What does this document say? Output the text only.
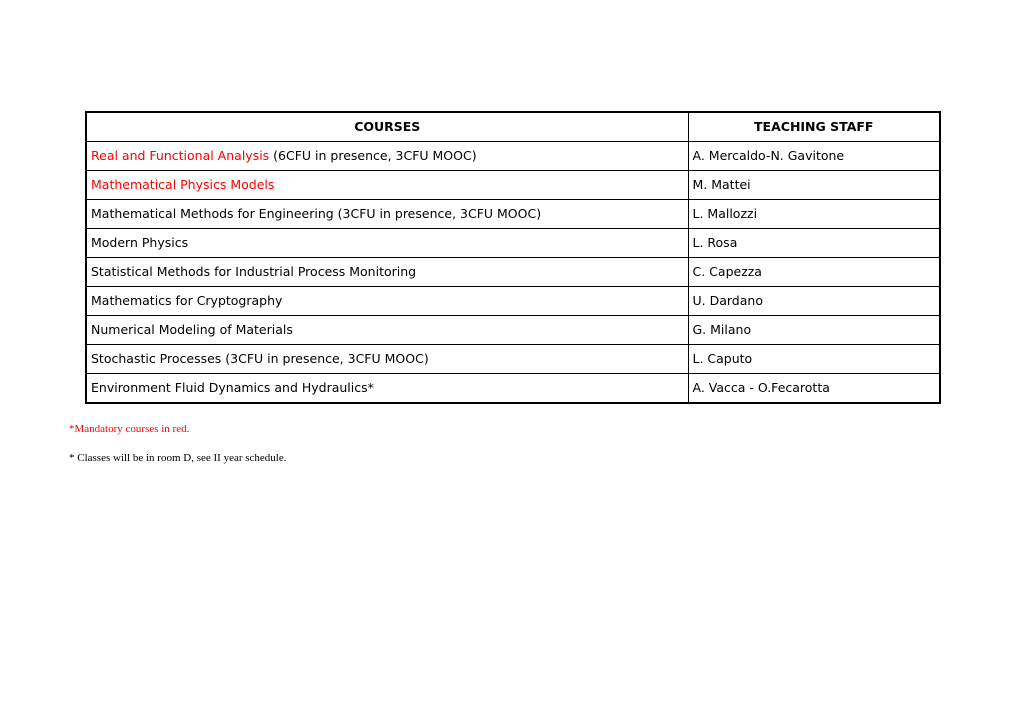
COURSES	TEACHING STAFF
Real and Functional Analysis (6CFU in presence, 3CFU MOOC)	A. Mercaldo-N. Gavitone
Mathematical Physics Models	M. Mattei
Mathematical Methods for Engineering (3CFU in presence, 3CFU MOOC)	L. Mallozzi
Modern Physics	L. Rosa
Statistical Methods for Industrial Process Monitoring	C. Capezza
Mathematics for Cryptography	U. Dardano
Numerical Modeling of Materials	G. Milano
Stochastic Processes (3CFU in presence, 3CFU MOOC)	L. Caputo
Environment Fluid Dynamics and Hydraulics*	A. Vacca - O.Fecarotta
*Mandatory courses in red.
* Classes will be in room D, see II year schedule.
